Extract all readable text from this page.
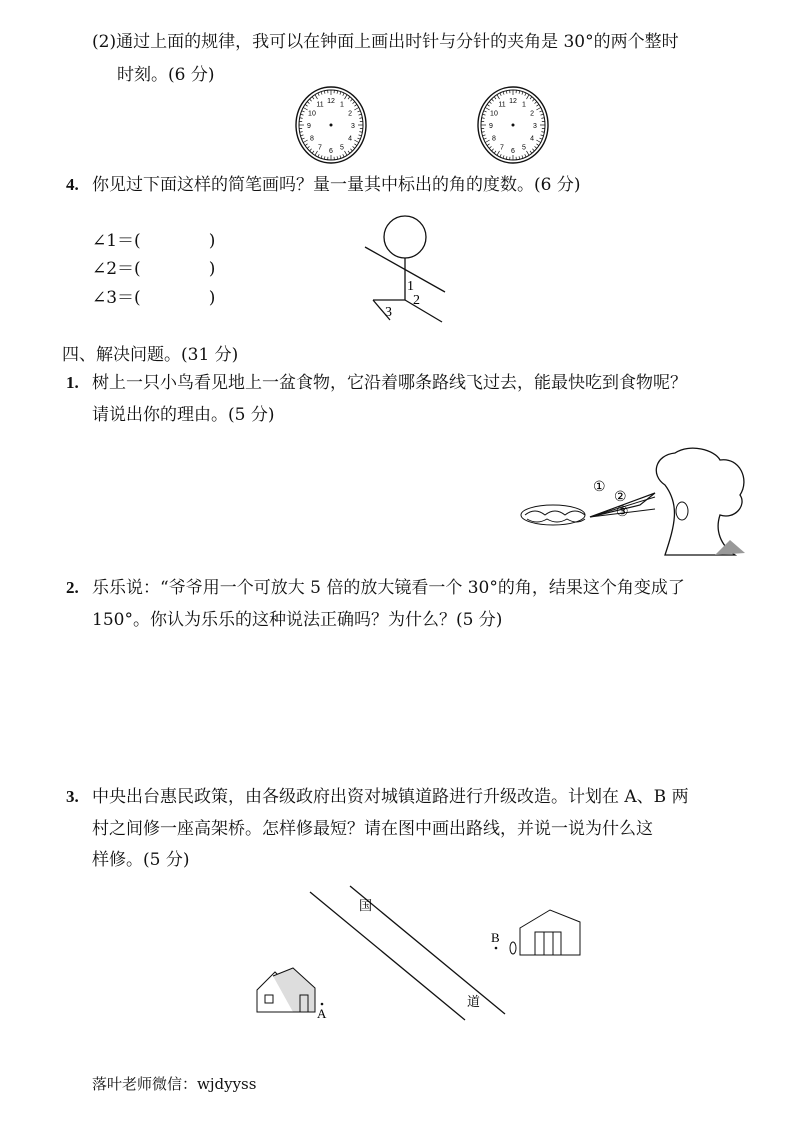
(2)通过上面的规律，我可以在钟面上画出时针与分针的夹角是 30°的两个整时
时刻。(6 分)
12 1
2
3
4
5
6
7
8
9
10
11	12 1
2
3
4
5
6
7
8
9
10
11
4. 你见过下面这样的简笔画吗？量一量其中标出的角的度数。(6 分)
∠1＝(　　　　)
∠2＝(　　　　)
∠3＝(　　　　)
1
2
3
四、解决问题。(31 分)
1. 树上一只小鸟看见地上一盆食物，它沿着哪条路线飞过去，能最快吃到食物呢？
请说出你的理由。(5 分)
①
②
③
2. 乐乐说：“爷爷用一个可放大 5 倍的放大镜看一个 30°的角，结果这个角变成了
150°。你认为乐乐的这种说法正确吗？为什么？(5 分)
3. 中央出台惠民政策，由各级政府出资对城镇道路进行升级改造。计划在 A、B 两
村之间修一座高架桥。怎样修最短？请在图中画出路线，并说一说为什么这
样修。(5 分)
国
道
A
B
落叶老师微信：wjdyyss
